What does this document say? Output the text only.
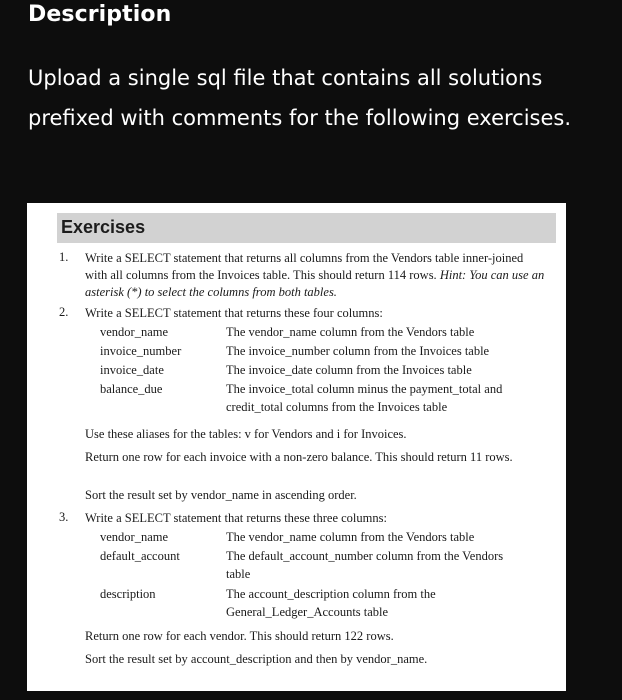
Description
Upload a single sql file that contains all solutions prefixed with comments for the following exercises.
Exercises
1. Write a SELECT statement that returns all columns from the Vendors table inner-joined with all columns from the Invoices table. This should return 114 rows. Hint: You can use an asterisk (*) to select the columns from both tables.
2. Write a SELECT statement that returns these four columns:
vendor_name	The vendor_name column from the Vendors table
invoice_number	The invoice_number column from the Invoices table
invoice_date	The invoice_date column from the Invoices table
balance_due	The invoice_total column minus the payment_total and credit_total columns from the Invoices table
Use these aliases for the tables: v for Vendors and i for Invoices.
Return one row for each invoice with a non-zero balance. This should return 11 rows.
Sort the result set by vendor_name in ascending order.
3. Write a SELECT statement that returns these three columns:
vendor_name	The vendor_name column from the Vendors table
default_account	The default_account_number column from the Vendors table
description	The account_description column from the General_Ledger_Accounts table
Return one row for each vendor. This should return 122 rows.
Sort the result set by account_description and then by vendor_name.
